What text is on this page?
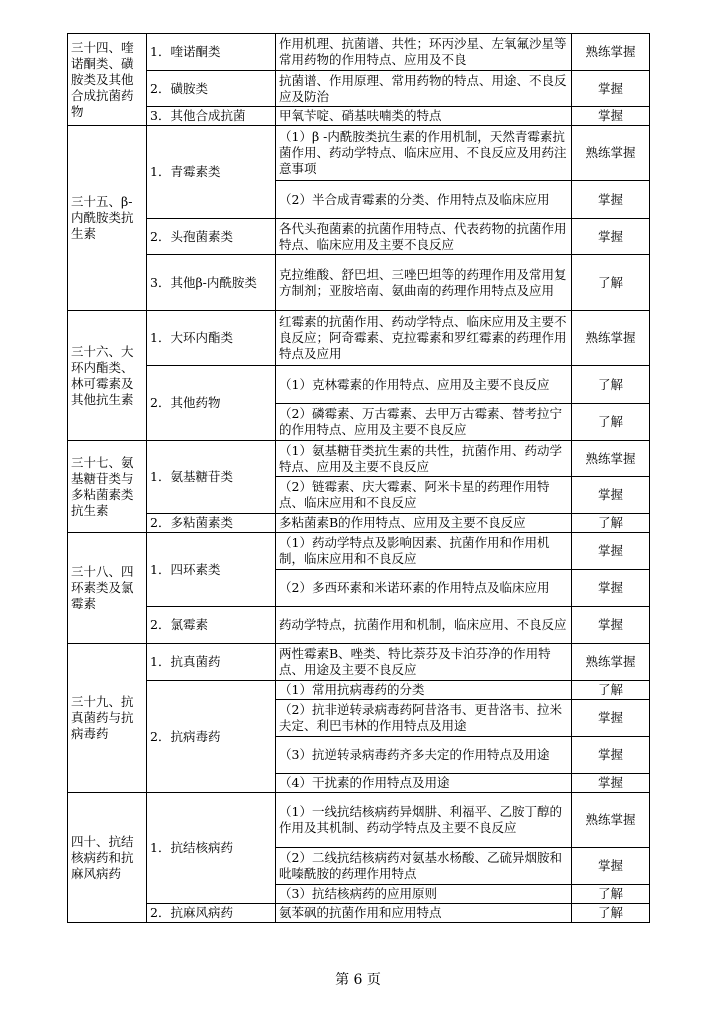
三十四、喹诺酮类、磺胺类及其他合成抗菌药物	1．喹诺酮类	作用机理、抗菌谱、共性；环丙沙星、左氧氟沙星等常用药物的作用特点、应用及不良	熟练掌握
	2．磺胺类	抗菌谱、作用原理、常用药物的特点、用途、不良反应及防治	掌握
	3．其他合成抗菌	甲氧苄啶、硝基呋喃类的特点	掌握
三十五、β-内酰胺类抗生素	1．青霉素类	（1）β -内酰胺类抗生素的作用机制，天然青霉素抗菌作用、药动学特点、临床应用、不良反应及用药注意事项	熟练掌握
		（2）半合成青霉素的分类、作用特点及临床应用	掌握
	2．头孢菌素类	各代头孢菌素的抗菌作用特点、代表药物的抗菌作用特点、临床应用及主要不良反应	掌握
	3．其他β-内酰胺类	克拉维酸、舒巴坦、三唑巴坦等的药理作用及常用复方制剂；亚胺培南、氨曲南的药理作用特点及应用	了解
三十六、大环内酯类、林可霉素及其他抗生素	1．大环内酯类	红霉素的抗菌作用、药动学特点、临床应用及主要不良反应；阿奇霉素、克拉霉素和罗红霉素的药理作用特点及应用	熟练掌握
	2．其他药物	（1）克林霉素的作用特点、应用及主要不良反应	了解
		（2）磷霉素、万古霉素、去甲万古霉素、替考拉宁的作用特点、应用及主要不良反应	了解
三十七、氨基糖苷类与多粘菌素类抗生素	1．氨基糖苷类	（1）氨基糖苷类抗生素的共性，抗菌作用、药动学特点、应用及主要不良反应	熟练掌握
		（2）链霉素、庆大霉素、阿米卡星的药理作用特点、临床应用和不良反应	掌握
	2．多粘菌素类	多粘菌素B的作用特点、应用及主要不良反应	了解
三十八、四环素类及氯霉素	1．四环素类	（1）药动学特点及影响因素、抗菌作用和作用机制，临床应用和不良反应	掌握
		（2）多西环素和米诺环素的作用特点及临床应用	掌握
	2．氯霉素	药动学特点，抗菌作用和机制，临床应用、不良反应	掌握
三十九、抗真菌药与抗病毒药	1．抗真菌药	两性霉素B、唑类、特比萘芬及卡泊芬净的作用特点、用途及主要不良反应	熟练掌握
	2．抗病毒药	（1）常用抗病毒药的分类	了解
		（2）抗非逆转录病毒药阿昔洛韦、更昔洛韦、拉米夫定、利巴韦林的作用特点及用途	掌握
		（3）抗逆转录病毒药齐多夫定的作用特点及用途	掌握
		（4）干扰素的作用特点及用途	掌握
四十、抗结核病药和抗麻风病药	1．抗结核病药	（1）一线抗结核病药异烟肼、利福平、乙胺丁醇的作用及其机制、药动学特点及主要不良反应	熟练掌握
		（2）二线抗结核病药对氨基水杨酸、乙硫异烟胺和吡嗪酰胺的药理作用特点	掌握
		（3）抗结核病药的应用原则	了解
	2．抗麻风病药	氨苯砜的抗菌作用和应用特点	了解
第 6 页
